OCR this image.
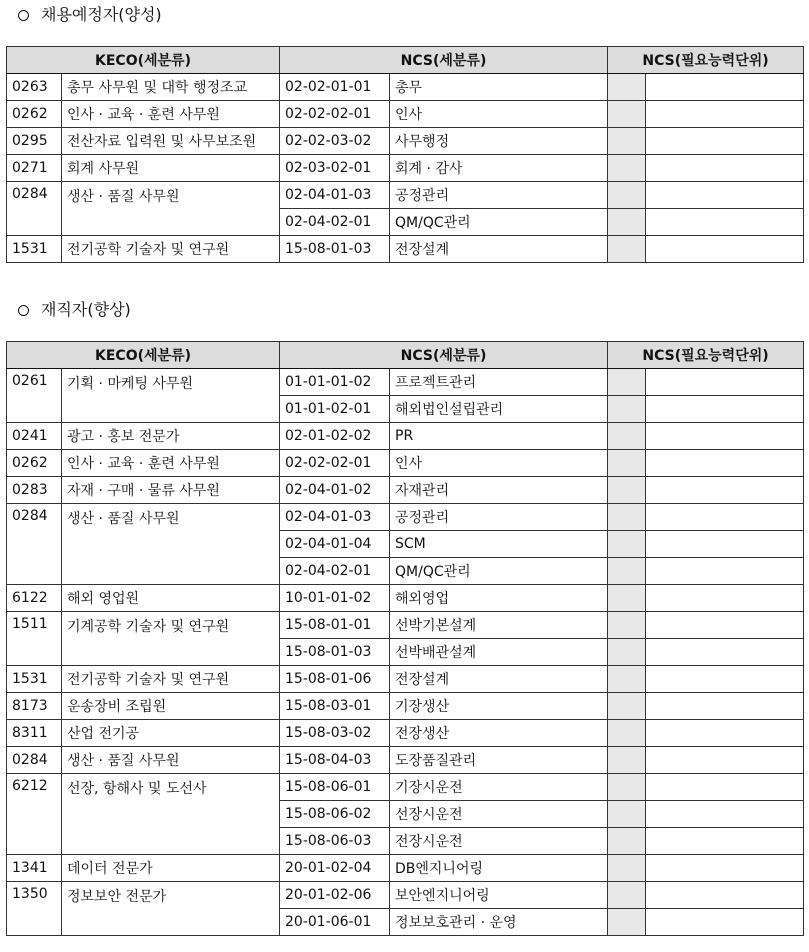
채용예정자(양성)
KECO(세분류)		NCS(세분류)		NCS(필요능력단위)	
0263	총무 사무원 및 대학 행정조교	02-02-01-01	총무		
0262	인사 · 교육 · 훈련 사무원	02-02-02-01	인사		
0295	전산자료 입력원 및 사무보조원	02-02-03-02	사무행정		
0271	회계 사무원	02-03-02-01	회계 · 감사		
0284	생산 · 품질 사무원	02-04-01-03	공정관리		
		02-04-02-01	QM/QC관리		
1531	전기공학 기술자 및 연구원	15-08-01-03	전장설계		
재직자(향상)
KECO(세분류)		NCS(세분류)		NCS(필요능력단위)	
0261	기획 · 마케팅 사무원	01-01-01-02	프로젝트관리		
		01-01-02-01	해외법인설립관리		
0241	광고 · 홍보 전문가	02-01-02-02	PR		
0262	인사 · 교육 · 훈련 사무원	02-02-02-01	인사		
0283	자재 · 구매 · 물류 사무원	02-04-01-02	자재관리		
0284	생산 · 품질 사무원	02-04-01-03	공정관리		
		02-04-01-04	SCM		
		02-04-02-01	QM/QC관리		
6122	해외 영업원	10-01-01-02	해외영업		
1511	기계공학 기술자 및 연구원	15-08-01-01	선박기본설계		
		15-08-01-03	선박배관설계		
1531	전기공학 기술자 및 연구원	15-08-01-06	전장설계		
8173	운송장비 조립원	15-08-03-01	기장생산		
8311	산업 전기공	15-08-03-02	전장생산		
0284	생산 · 품질 사무원	15-08-04-03	도장품질관리		
6212	선장, 항해사 및 도선사	15-08-06-01	기장시운전		
		15-08-06-02	선장시운전		
		15-08-06-03	전장시운전		
1341	데이터 전문가	20-01-02-04	DB엔지니어링		
1350	정보보안 전문가	20-01-02-06	보안엔지니어링		
		20-01-06-01	정보보호관리 · 운영		
